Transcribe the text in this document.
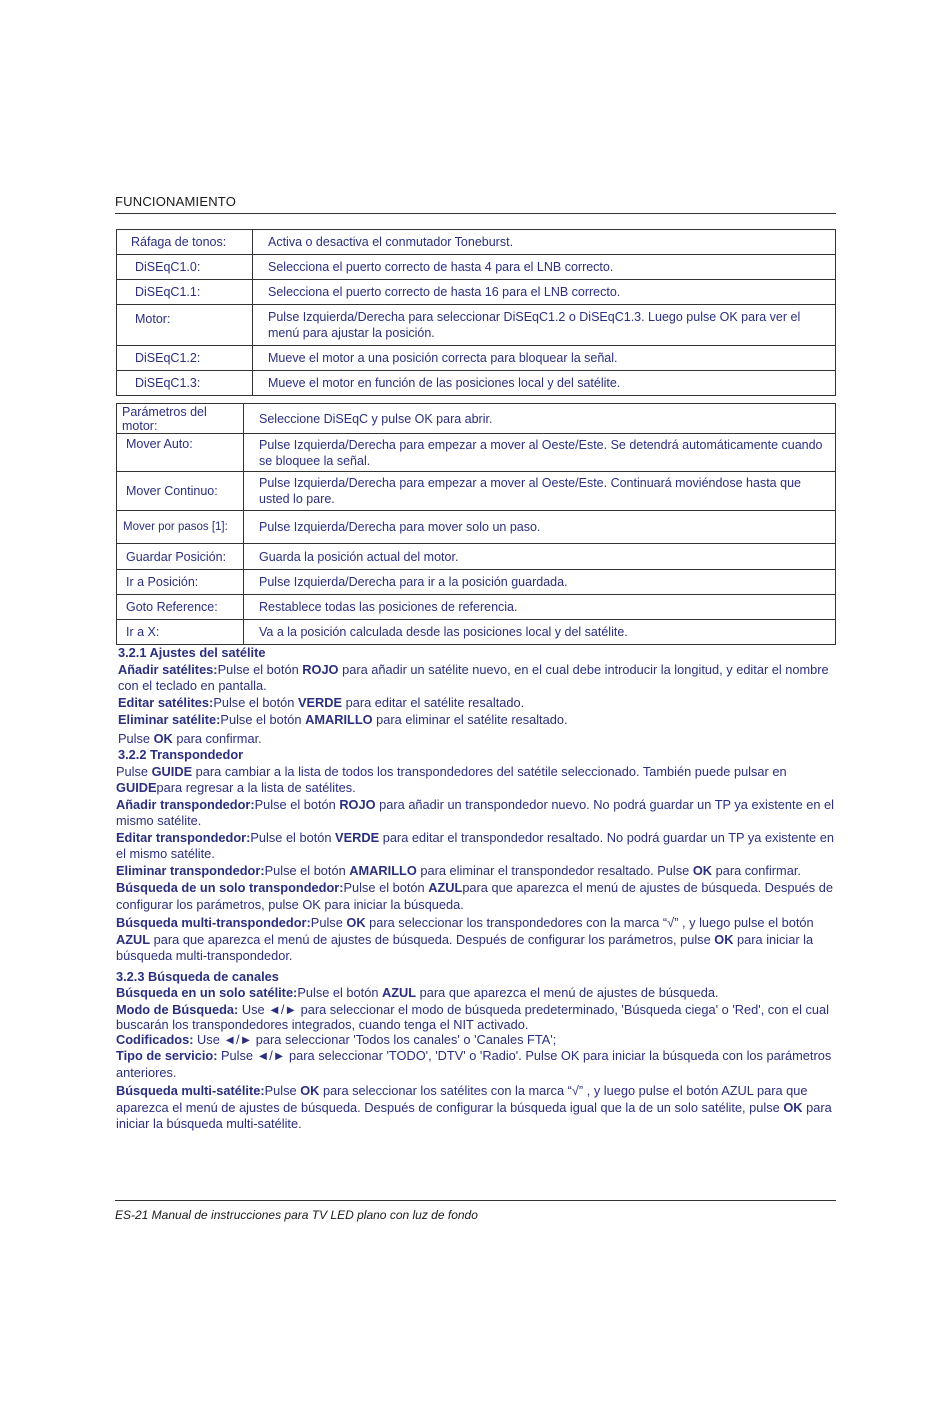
FUNCIONAMIENTO
Ráfaga de tonos:	Activa o desactiva el conmutador Toneburst.
DiSEqC1.0:	Selecciona el puerto correcto de hasta 4 para el LNB correcto.
DiSEqC1.1:	Selecciona el puerto correcto de hasta 16 para el LNB correcto.
Motor:	Pulse Izquierda/Derecha para seleccionar DiSEqC1.2 o DiSEqC1.3. Luego pulse OK para ver el menú para ajustar la posición.
DiSEqC1.2:	Mueve el motor a una posición correcta para bloquear la señal.
DiSEqC1.3:	Mueve el motor en función de las posiciones local y del satélite.
Parámetros del motor:	Seleccione DiSEqC y pulse OK para abrir.
Mover Auto:	Pulse Izquierda/Derecha para empezar a mover al Oeste/Este. Se detendrá automáticamente cuando se bloquee la señal.
Mover Continuo:	Pulse Izquierda/Derecha para empezar a mover al Oeste/Este. Continuará moviéndose hasta que usted lo pare.
Mover por pasos [1]:	Pulse Izquierda/Derecha para mover solo un paso.
Guardar Posición:	Guarda la posición actual del motor.
Ir a Posición:	Pulse Izquierda/Derecha para ir a la posición guardada.
Goto Reference:	Restablece todas las posiciones de referencia.
Ir a X:	Va a la posición calculada desde las posiciones local y del satélite.

3.2.1 Ajustes del satélite

Añadir satélites:Pulse el botón ROJO para añadir un satélite nuevo, en el cual debe introducir la longitud, y editar el nombre con el teclado en pantalla.

Editar satélites:Pulse el botón VERDE para editar el satélite resaltado.

Eliminar satélite:Pulse el botón AMARILLO para eliminar el satélite resaltado.

Pulse OK para confirmar.

3.2.2 Transpondedor

Pulse GUIDE para cambiar a la lista de todos los transpondedores del satétile seleccionado. También puede pulsar en GUIDEpara regresar a la lista de satélites.

Añadir transpondedor:Pulse el botón ROJO para añadir un transpondedor nuevo. No podrá guardar un TP ya existente en el mismo satélite.

Editar transpondedor:Pulse el botón VERDE para editar el transpondedor resaltado. No podrá guardar un TP ya existente en el mismo satélite.

Eliminar transpondedor:Pulse el botón AMARILLO para eliminar el transpondedor resaltado. Pulse OK para confirmar.

Búsqueda de un solo transpondedor:Pulse el botón AZULpara que aparezca el menú de ajustes de búsqueda. Después de configurar los parámetros, pulse OK para iniciar la búsqueda.

Búsqueda multi-transpondedor:Pulse OK para seleccionar los transpondedores con la marca “√” , y luego pulse el botón AZUL para que aparezca el menú de ajustes de búsqueda. Después de configurar los parámetros, pulse OK para iniciar la búsqueda multi-transpondedor.

3.2.3 Búsqueda de canales

Búsqueda en un solo satélite:Pulse el botón AZUL para que aparezca el menú de ajustes de búsqueda.

Modo de Búsqueda: Use ◄/► para seleccionar el modo de búsqueda predeterminado, 'Búsqueda ciega' o 'Red', con el cual buscarán los transpondedores integrados, cuando tenga el NIT activado.

Codificados: Use ◄/► para seleccionar 'Todos los canales' o 'Canales FTA';

Tipo de servicio: Pulse ◄/► para seleccionar 'TODO', 'DTV' o 'Radio'. Pulse OK para iniciar la búsqueda con los parámetros anteriores.

Búsqueda multi-satélite:Pulse OK para seleccionar los satélites con la marca “√” , y luego pulse el botón AZUL para que aparezca el menú de ajustes de búsqueda. Después de configurar la búsqueda igual que la de un solo satélite, pulse OK para iniciar la búsqueda multi-satélite.

ES-21 Manual de instrucciones para TV LED plano con luz de fondo
